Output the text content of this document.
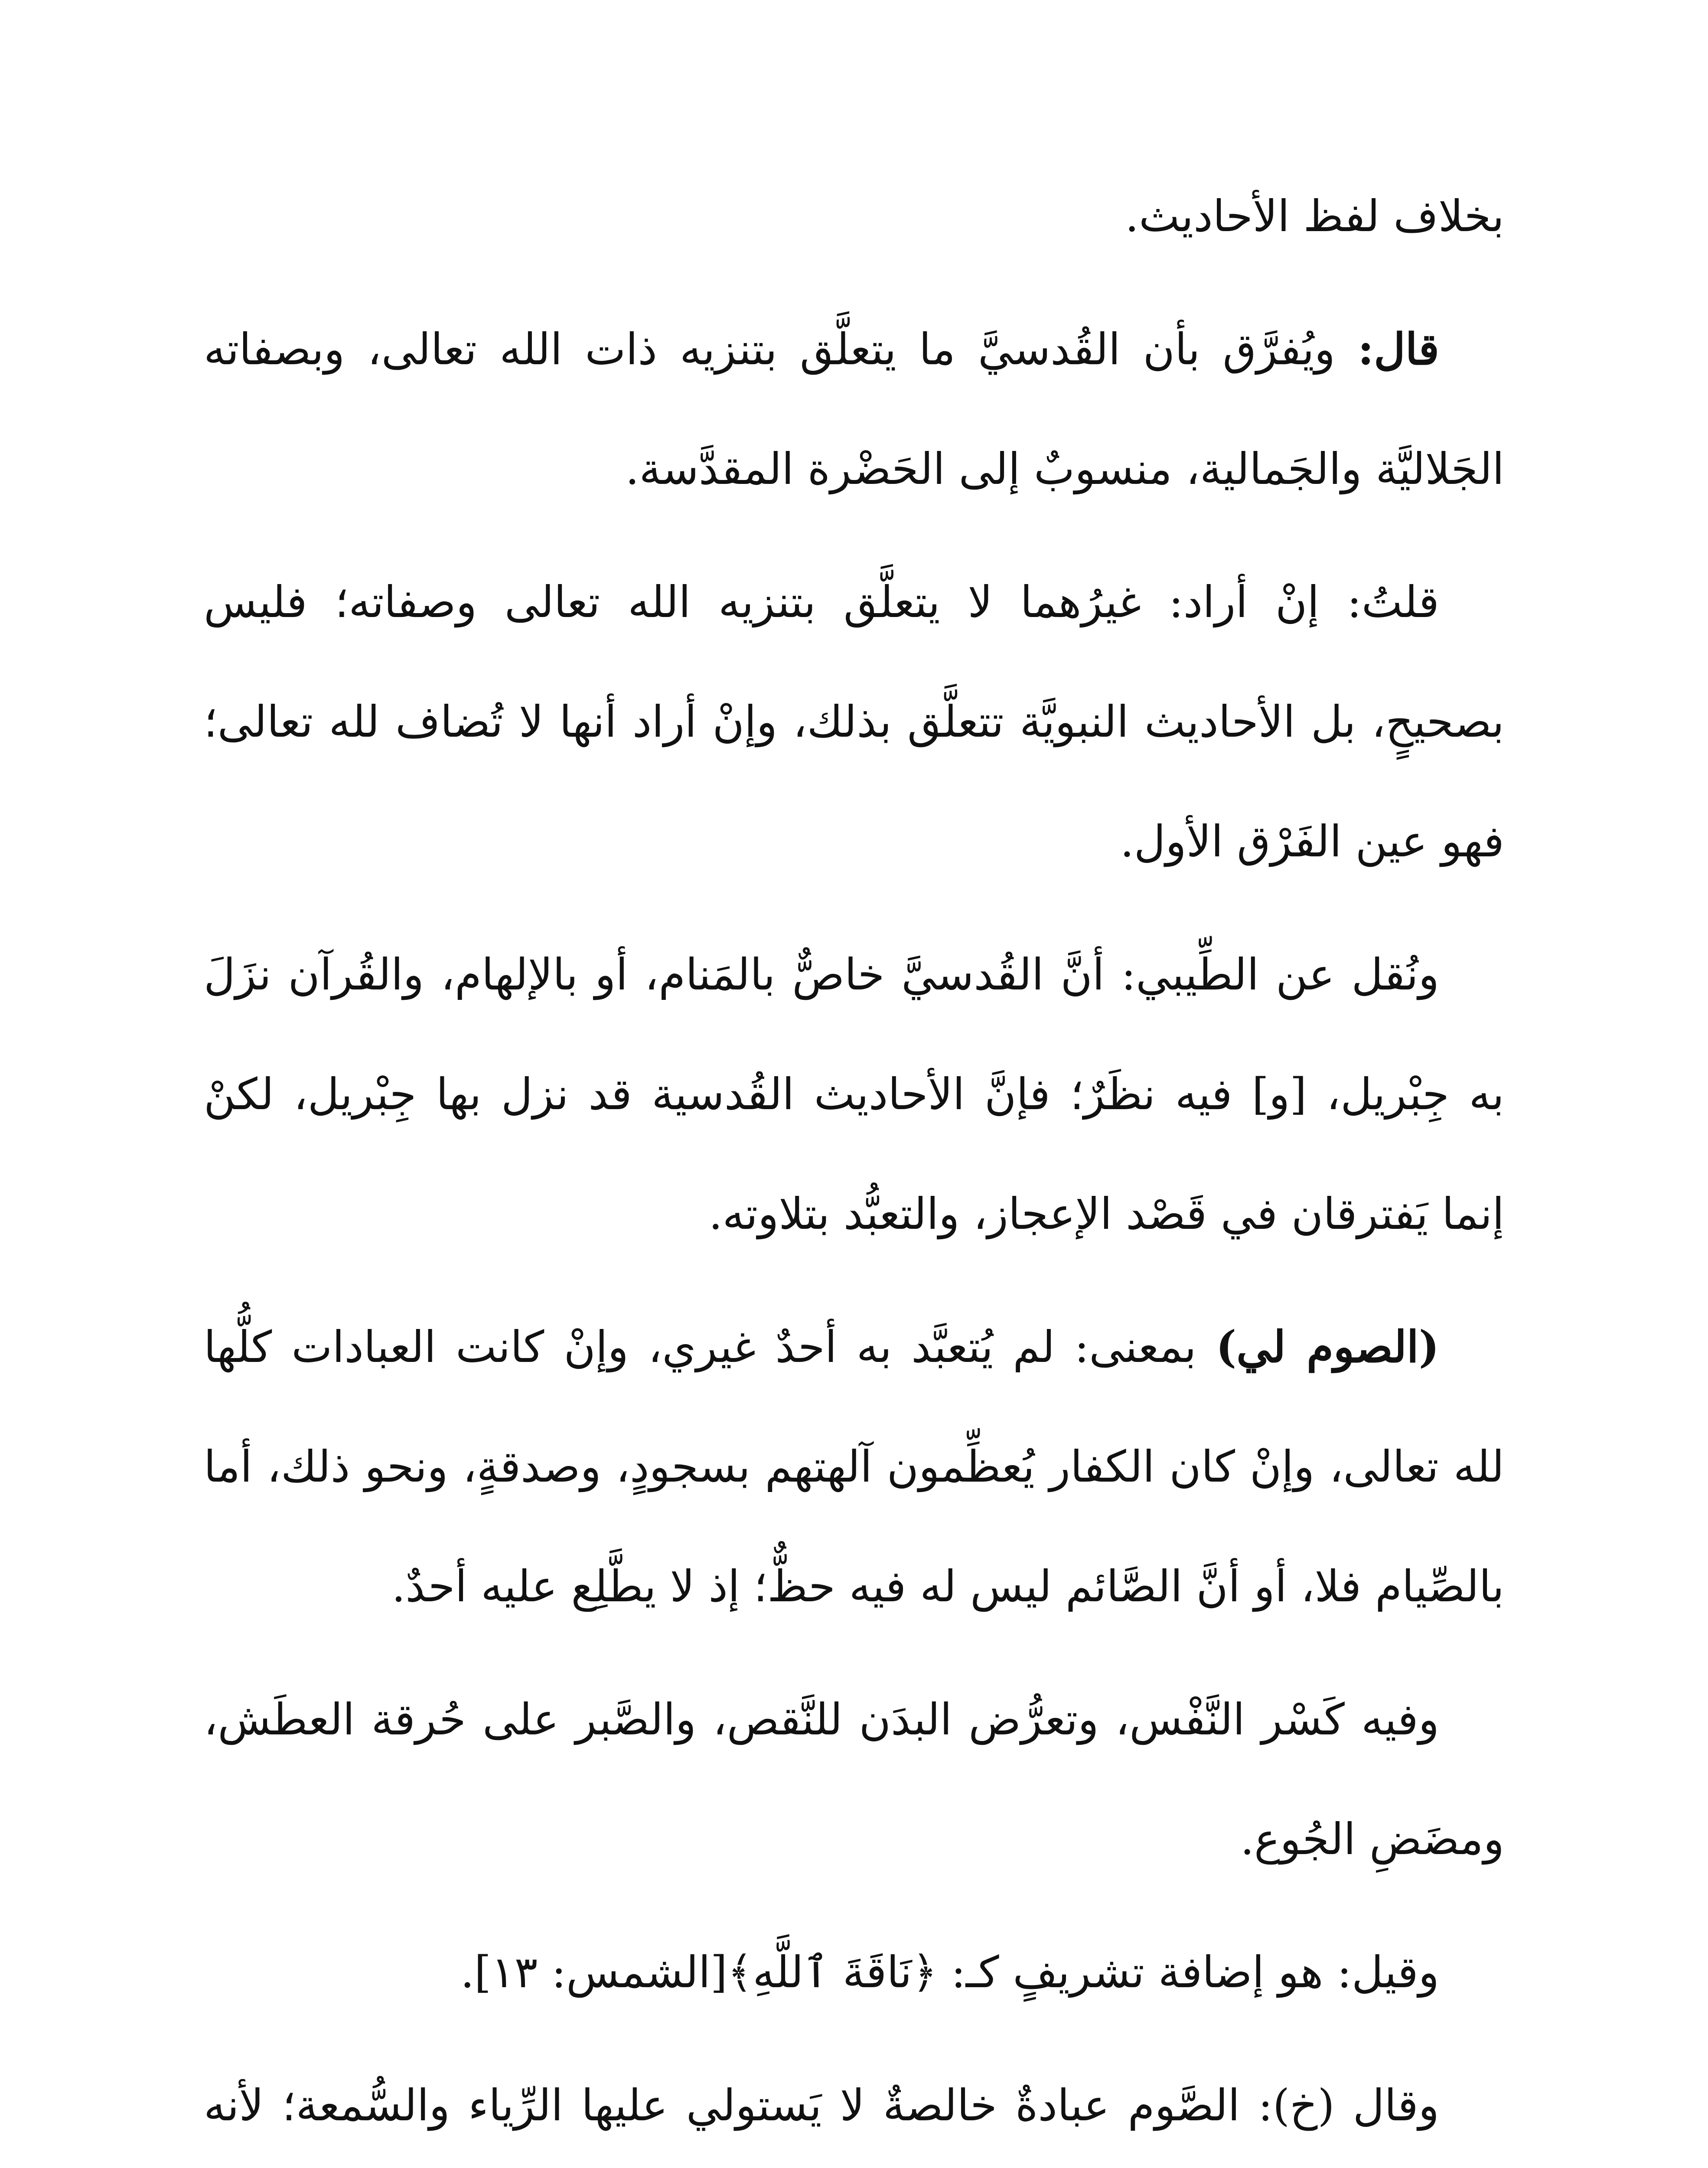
بخلاف لفظ الأحاديث.

قال: ويُفرَّق بأن القُدسيَّ ما يتعلَّق بتنزيه ذات الله تعالى، وبصفاته الجَلاليَّة والجَمالية، منسوبٌ إلى الحَضْرة المقدَّسة.

قلتُ: إنْ أراد: غيرُهما لا يتعلَّق بتنزيه الله تعالى وصفاته؛ فليس بصحيحٍ، بل الأحاديث النبويَّة تتعلَّق بذلك، وإنْ أراد أنها لا تُضاف لله تعالى؛ فهو عين الفَرْق الأول.

ونُقل عن الطِّيبي: أنَّ القُدسيَّ خاصٌّ بالمَنام، أو بالإلهام، والقُرآن نزَلَ به جِبْريل، [و] فيه نظَرٌ؛ فإنَّ الأحاديث القُدسية قد نزل بها جِبْريل، لكنْ إنما يَفترقان في قَصْد الإعجاز، والتعبُّد بتلاوته.

(الصوم لي) بمعنى: لم يُتعبَّد به أحدٌ غيري، وإنْ كانت العبادات كلُّها لله تعالى، وإنْ كان الكفار يُعظِّمون آلهتهم بسجودٍ، وصدقةٍ، ونحو ذلك، أما بالصِّيام فلا، أو أنَّ الصَّائم ليس له فيه حظٌّ؛ إذ لا يطَّلِع عليه أحدٌ.

وفيه كَسْر النَّفْس، وتعرُّض البدَن للنَّقص، والصَّبر على حُرقة العطَش، ومضَضِ الجُوع.

وقيل: هو إضافة تشريفٍ كـ: ﴿نَاقَةَ ٱللَّهِ﴾[الشمس: ١٣].

وقال (خ): الصَّوم عبادةٌ خالصةٌ لا يَستولي عليها الرِّياء والسُّمعة؛ لأنه
